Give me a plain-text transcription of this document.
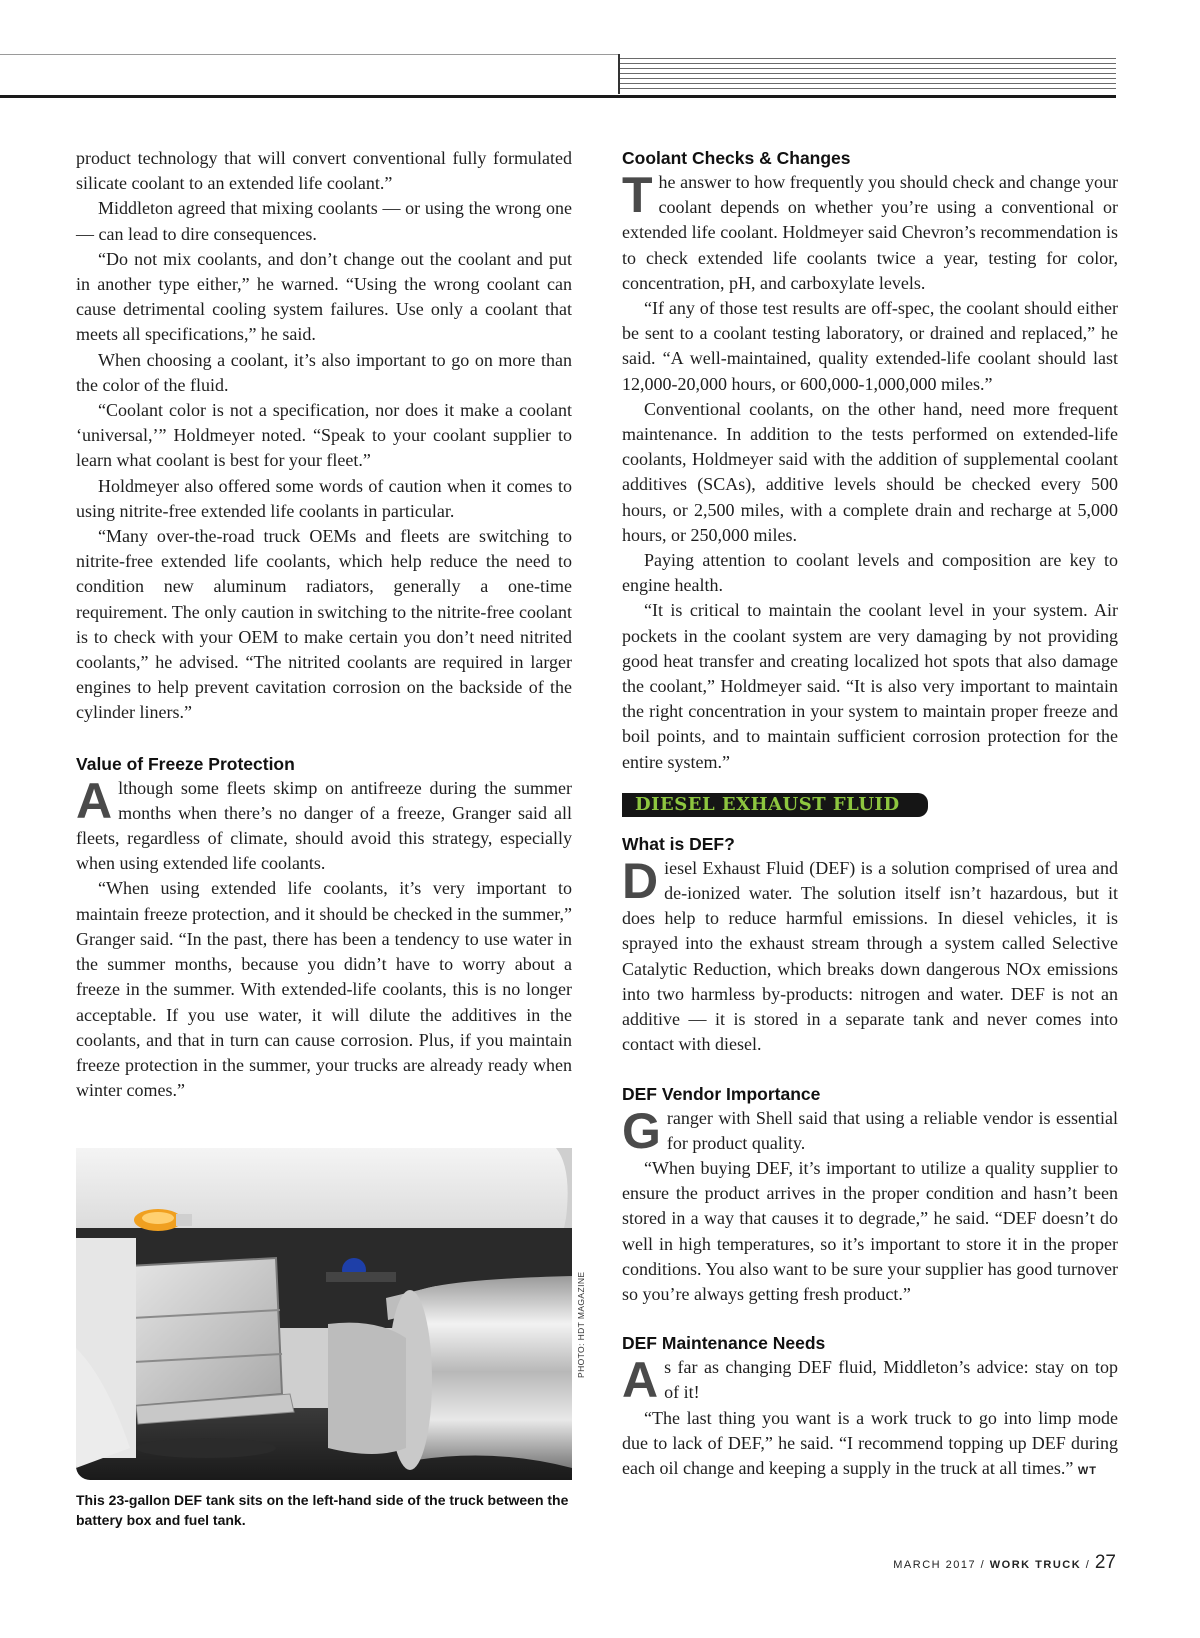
product technology that will convert conventional fully formulated silicate coolant to an extended life coolant.”

Middleton agreed that mixing coolants — or using the wrong one — can lead to dire consequences.

“Do not mix coolants, and don’t change out the coolant and put in another type either,” he warned. “Using the wrong coolant can cause detrimental cooling system failures. Use only a coolant that meets all specifications,” he said.

When choosing a coolant, it’s also important to go on more than the color of the fluid.

“Coolant color is not a specification, nor does it make a coolant ‘universal,’” Holdmeyer noted. “Speak to your coolant supplier to learn what coolant is best for your fleet.”

Holdmeyer also offered some words of caution when it comes to using nitrite-free extended life coolants in particular.

“Many over-the-road truck OEMs and fleets are switching to nitrite-free extended life coolants, which help reduce the need to condition new aluminum radiators, generally a one-time requirement. The only caution in switching to the nitrite-free coolant is to check with your OEM to make certain you don’t need nitrited coolants,” he advised. “The nitrited coolants are required in larger engines to help prevent cavitation corrosion on the backside of the cylinder liners.”

Value of Freeze Protection

Although some fleets skimp on antifreeze during the summer months when there’s no danger of a freeze, Granger said all fleets, regardless of climate, should avoid this strategy, especially when using extended life coolants.

“When using extended life coolants, it’s very important to maintain freeze protection, and it should be checked in the summer,” Granger said. “In the past, there has been a tendency to use water in the summer months, because you didn’t have to worry about a freeze in the summer. With extended-life coolants, this is no longer acceptable. If you use water, it will dilute the additives in the coolants, and that in turn can cause corrosion. Plus, if you maintain freeze protection in the summer, your trucks are already ready when winter comes.”

PHOTO: HDT MAGAZINE
This 23-gallon DEF tank sits on the left-hand side of the truck between the battery box and fuel tank.
Coolant Checks & Changes

The answer to how frequently you should check and change your coolant depends on whether you’re using a conventional or extended life coolant. Holdmeyer said Chevron’s recommendation is to check extended life coolants twice a year, testing for color, concentration, pH, and carboxylate levels.

“If any of those test results are off-spec, the coolant should either be sent to a coolant testing laboratory, or drained and replaced,” he said. “A well-maintained, quality extended-life coolant should last 12,000-20,000 hours, or 600,000-1,000,000 miles.”

Conventional coolants, on the other hand, need more frequent maintenance. In addition to the tests performed on extended-life coolants, Holdmeyer said with the addition of supplemental coolant additives (SCAs), additive levels should be checked every 500 hours, or 2,500 miles, with a complete drain and recharge at 5,000 hours, or 250,000 miles.

Paying attention to coolant levels and composition are key to engine health.

“It is critical to maintain the coolant level in your system. Air pockets in the coolant system are very damaging by not providing good heat transfer and creating localized hot spots that also damage the coolant,” Holdmeyer said. “It is also very important to maintain the right concentration in your system to maintain proper freeze and boil points, and to maintain sufficient corrosion protection for the entire system.”

DIESEL EXHAUST FLUID
What is DEF?

Diesel Exhaust Fluid (DEF) is a solution comprised of urea and de-ionized water. The solution itself isn’t hazardous, but it does help to reduce harmful emissions. In diesel vehicles, it is sprayed into the exhaust stream through a system called Selective Catalytic Reduction, which breaks down dangerous NOx emissions into two harmless by-products: nitrogen and water. DEF is not an additive — it is stored in a separate tank and never comes into contact with diesel.

DEF Vendor Importance

Granger with Shell said that using a reliable vendor is essential for product quality.

“When buying DEF, it’s important to utilize a quality supplier to ensure the product arrives in the proper condition and hasn’t been stored in a way that causes it to degrade,” he said. “DEF doesn’t do well in high temperatures, so it’s important to store it in the proper conditions. You also want to be sure your supplier has good turnover so you’re always getting fresh product.”

DEF Maintenance Needs

As far as changing DEF fluid, Middleton’s advice: stay on top of it!

“The last thing you want is a work truck to go into limp mode due to lack of DEF,” he said. “I recommend topping up DEF during each oil change and keeping a supply in the truck at all times.” WT

MARCH 2017 / WORK TRUCK / 27
